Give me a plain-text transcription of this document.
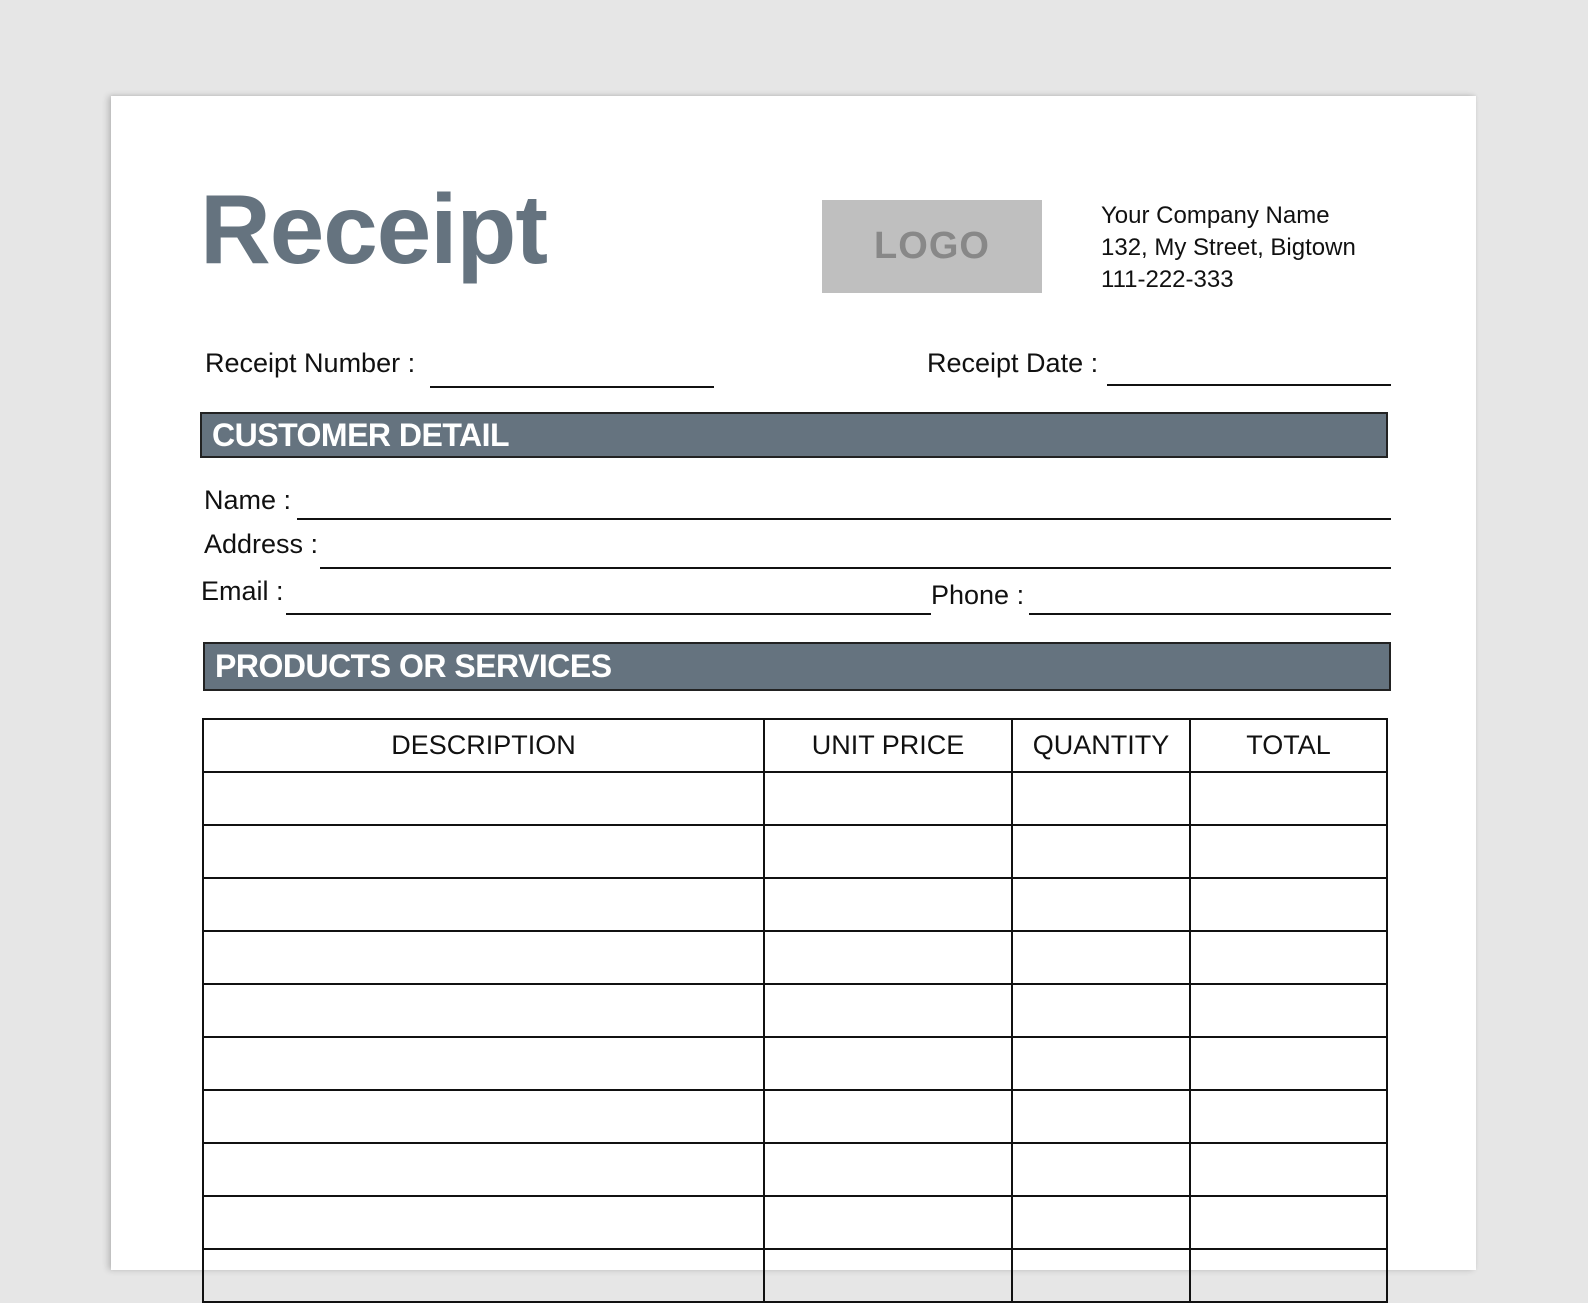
Receipt	LOGO
Your Company Name
132, My Street, Bigtown
111-222-333
Receipt Number :	Receipt Date :
CUSTOMER DETAIL
Name :
Address :
Email :	Phone :
PRODUCTS OR SERVICES
DESCRIPTION	UNIT PRICE	QUANTITY	TOTAL
